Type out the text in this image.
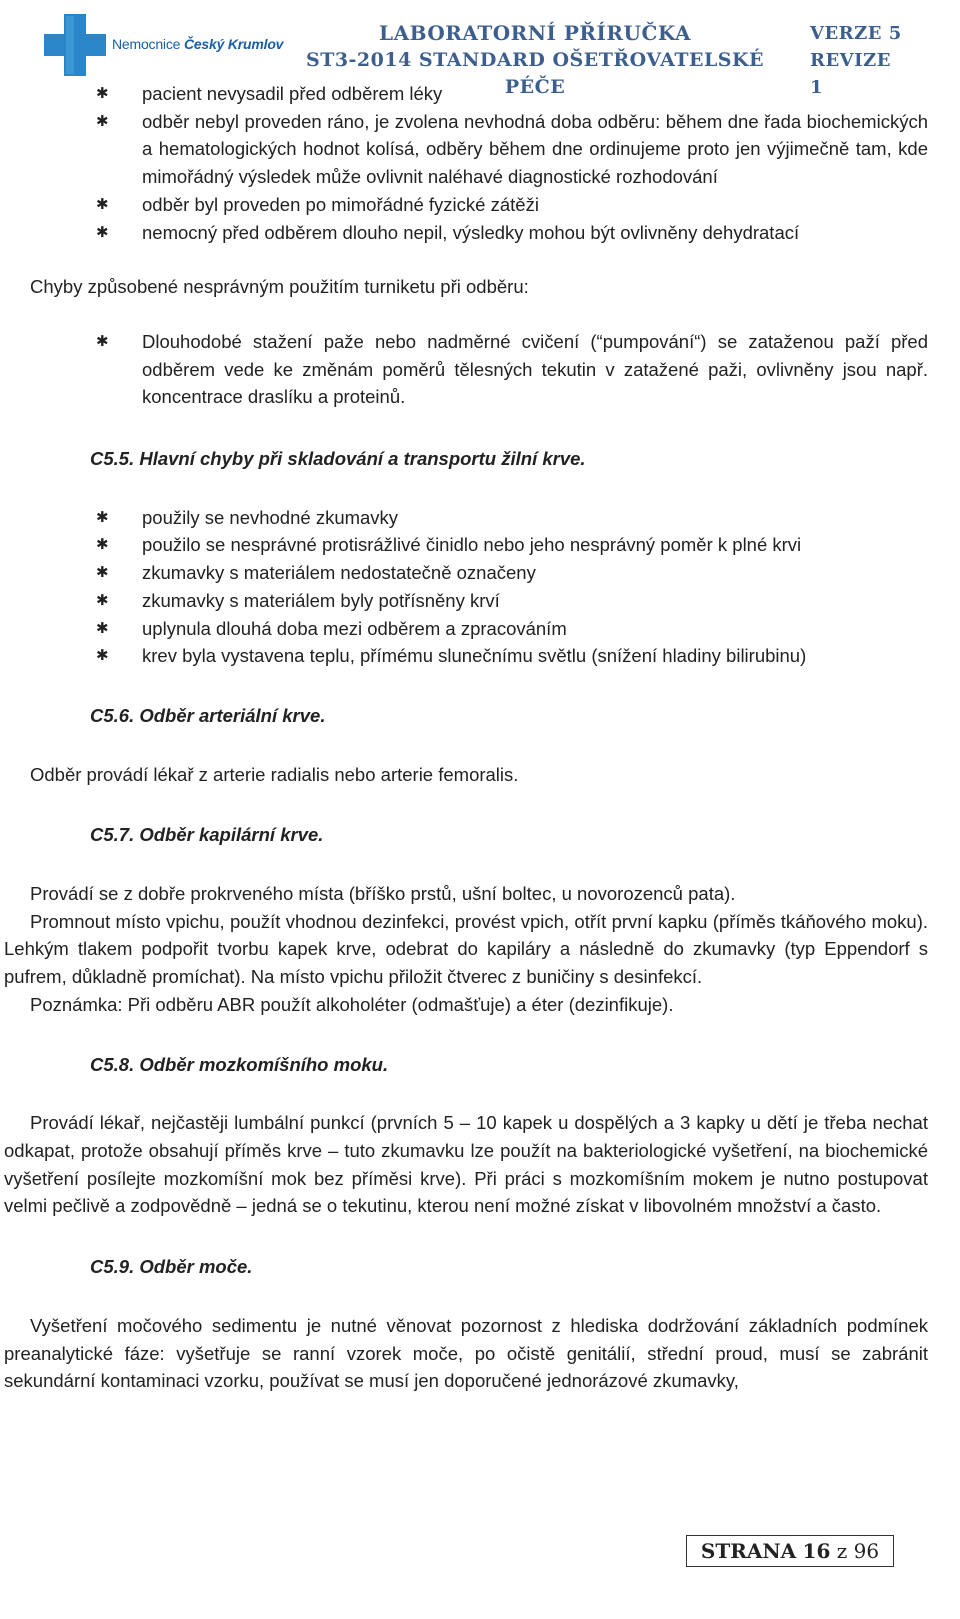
Nemocnice Český Krumlov	LABORATORNÍ PŘÍRUČKA
ST3-2014 STANDARD OŠETŘOVATELSKÉ PÉČE
VERZE 5
REVIZE 1
✱ pacient nevysadil před odběrem léky
✱ odběr nebyl proveden ráno, je zvolena nevhodná doba odběru: během dne řada biochemických a hematologických hodnot kolísá, odběry během dne ordinujeme proto jen výjimečně tam, kde mimořádný výsledek může ovlivnit naléhavé diagnostické rozhodování
✱ odběr byl proveden po mimořádné fyzické zátěži
✱ nemocný před odběrem dlouho nepil, výsledky mohou být ovlivněny dehydratací
Chyby způsobené nesprávným použitím turniketu při odběru:
✱ Dlouhodobé stažení paže nebo nadměrné cvičení (“pumpování“) se zataženou paží před odběrem vede ke změnám poměrů tělesných tekutin v zatažené paži, ovlivněny jsou např. koncentrace draslíku a proteinů.
C5.5. Hlavní chyby při skladování a transportu žilní krve.
✱ použily se nevhodné zkumavky
✱ použilo se nesprávné protisrážlivé činidlo nebo jeho nesprávný poměr k plné krvi
✱ zkumavky s materiálem nedostatečně označeny
✱ zkumavky s materiálem byly potřísněny krví
✱ uplynula dlouhá doba mezi odběrem a zpracováním
✱ krev byla vystavena teplu, přímému slunečnímu světlu (snížení hladiny bilirubinu)
C5.6. Odběr arteriální krve.
Odběr provádí lékař z arterie radialis nebo arterie femoralis.
C5.7. Odběr kapilární krve.
Provádí se z dobře prokrveného místa (bříško prstů, ušní boltec, u novorozenců pata).
Promnout místo vpichu, použít vhodnou dezinfekci, provést vpich, otřít první kapku (příměs tkáňového moku). Lehkým tlakem podpořit tvorbu kapek krve, odebrat do kapiláry a následně do zkumavky (typ Eppendorf s pufrem, důkladně promíchat). Na místo vpichu přiložit čtverec z buničiny s desinfekcí.
Poznámka: Při odběru ABR použít alkoholéter (odmašťuje) a éter (dezinfikuje).
C5.8. Odběr mozkomíšního moku.
Provádí lékař, nejčastěji lumbální punkcí (prvních 5 – 10 kapek u dospělých a 3 kapky u dětí je třeba nechat odkapat, protože obsahují příměs krve – tuto zkumavku lze použít na bakteriologické vyšetření, na biochemické vyšetření posílejte mozkomíšní mok bez příměsi krve). Při práci s mozkomíšním mokem je nutno postupovat velmi pečlivě a zodpovědně – jedná se o tekutinu, kterou není možné získat v libovolném množství a často.
C5.9. Odběr moče.
Vyšetření močového sedimentu je nutné věnovat pozornost z hlediska dodržování základních podmínek preanalytické fáze: vyšetřuje se ranní vzorek moče, po očistě genitálií, střední proud, musí se zabránit sekundární kontaminaci vzorku, používat se musí jen doporučené jednorázové zkumavky,
STRANA 16 z 96
